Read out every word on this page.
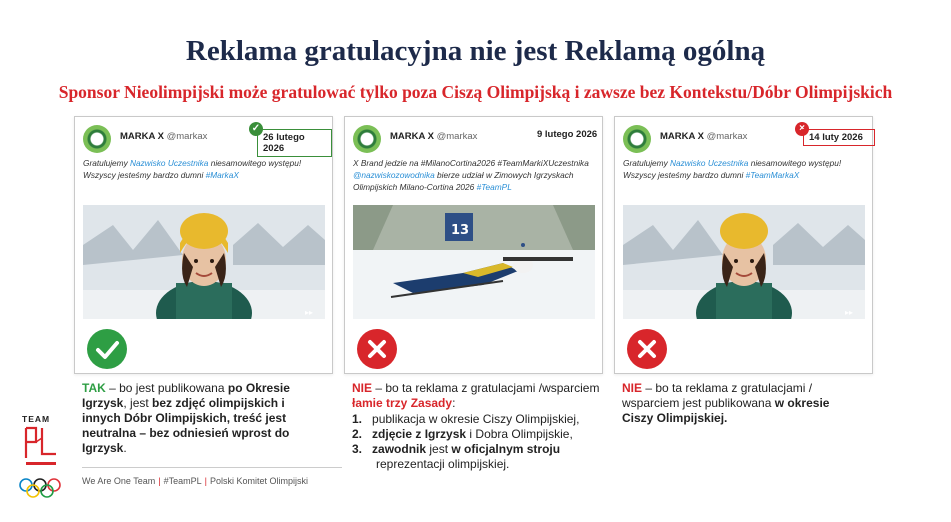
Reklama gratulacyjna nie jest Reklamą ogólną
Sponsor Nieolimpijski może gratulować tylko poza Ciszą Olimpijską i zawsze bez Kontekstu/Dóbr Olimpijskich
MARKA X @markax
✓
26 lutego 2026
Gratulujemy Nazwisko Uczestnika niesamowitego występu! Wszyscy jesteśmy bardzo dumni #MarkaX
▸▸
MARKA X @markax	9 lutego 2026
X Brand jedzie na #MilanoCortina2026 #TeamMarkiXUczestnika @nazwiskozowodnika bierze udział w Zimowych Igrzyskach Olimpijskich Milano-Cortina 2026 #TeamPL
13
MARKA X @markax
×
14 luty 2026
Gratulujemy Nazwisko Uczestnika niesamowitego występu! Wszyscy jesteśmy bardzo dumni #TeamMarkaX
▸▸
TAK – bo jest publikowana po Okresie Igrzysk, jest bez zdjęć olimpijskich i innych Dóbr Olimpijskich, treść jest neutralna – bez odniesień wprost do Igrzysk.
NIE – bo ta reklama z gratulacjami /wsparciem łamie trzy Zasady:
1. publikacja w okresie Ciszy Olimpijskiej,
2. zdjęcie z Igrzysk i Dobra Olimpijskie,
3. zawodnik jest w oficjalnym stroju
reprezentacji olimpijskiej.
NIE – bo ta reklama z gratulacjami / wsparciem jest publikowana w okresie Ciszy Olimpijskiej.
We Are One Team | #TeamPL | Polski Komitet Olimpijski
TEAM
